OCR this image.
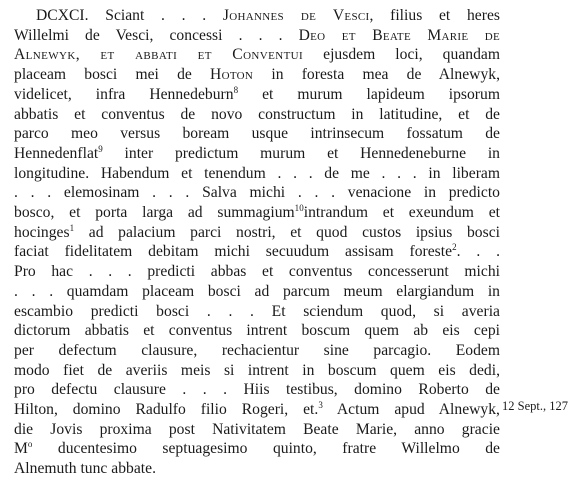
DCXCI. Sciant . . . Johannes de Vesci, filius et heres
Willelmi de Vesci, concessi . . . Deo et Beate Marie de
Alnewyk, et abbati et Conventui ejusdem loci, quandam
placeam bosci mei de Hoton in foresta mea de Alnewyk,
videlicet, infra Hennedeburn$^8$ et murum lapideum ipsorum
abbatis et conventus de novo constructum in latitudine, et de
parco meo versus boream usque intrinsecum fossatum de
Hennedenflat$^9$ inter predictum murum et Hennedeneburne in
longitudine. Habendum et tenendum . . . de me . . . in liberam
. . . elemosinam . . . Salva michi . . . venacione in predicto
bosco, et porta larga ad summagium$^{10}$intrandum et exeundum et
hocinges$^1$ ad palacium parci nostri, et quod custos ipsius bosci
faciat fidelitatem debitam michi secuudum assisam foreste$^2$. . .
Pro hac . . . predicti abbas et conventus concesserunt michi
. . . quamdam placeam bosci ad parcum meum elargiandum in
escambio predicti bosci . . . Et sciendum quod, si averia
dictorum abbatis et conventus intrent boscum quem ab eis cepi
per defectum clausure, rechacientur sine parcagio. Eodem
modo fiet de averiis meis si intrent in boscum quem eis dedi,
pro defectu clausure . . . Hiis testibus, domino Roberto de
Hilton, domino Radulfo filio Rogeri, et.$^3$ Actum apud Alnewyk,
die Jovis proxima post Nativitatem Beate Marie, anno gracie
$M^o$ ducentesimo septuagesimo quinto, fratre Willelmo de
Alnemuth tunc abbate.
12 Sept., 127
